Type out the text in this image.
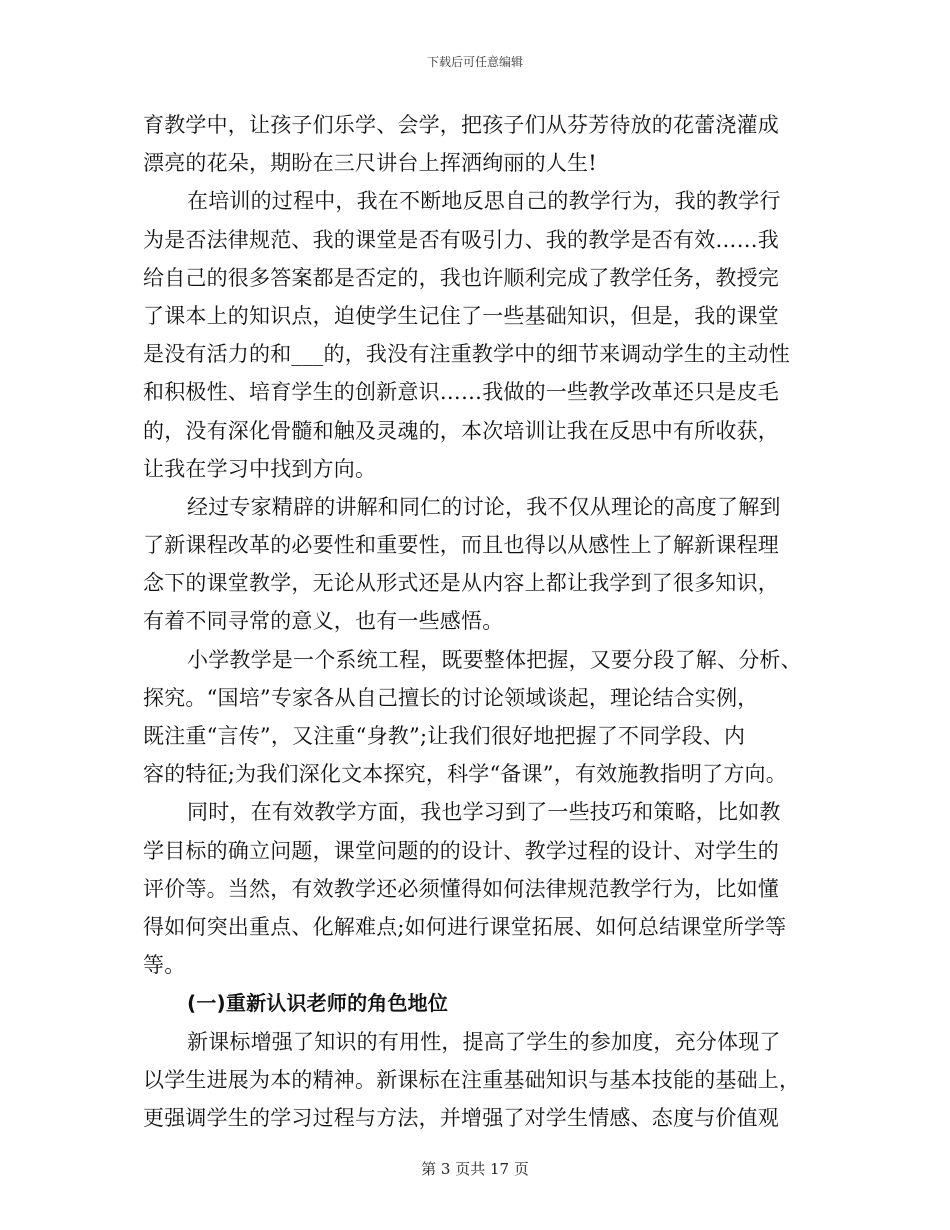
下载后可任意编辑
育教学中，让孩子们乐学、会学，把孩子们从芬芳待放的花蕾浇灌成
漂亮的花朵，期盼在三尺讲台上挥洒绚丽的人生!
在培训的过程中，我在不断地反思自己的教学行为，我的教学行
为是否法律规范、我的课堂是否有吸引力、我的教学是否有效……我
给自己的很多答案都是否定的，我也许顺利完成了教学任务，教授完
了课本上的知识点，迫使学生记住了一些基础知识，但是，我的课堂
是没有活力的和___的，我没有注重教学中的细节来调动学生的主动性
和积极性、培育学生的创新意识……我做的一些教学改革还只是皮毛
的，没有深化骨髓和触及灵魂的，本次培训让我在反思中有所收获，
让我在学习中找到方向。
经过专家精辟的讲解和同仁的讨论，我不仅从理论的高度了解到
了新课程改革的必要性和重要性，而且也得以从感性上了解新课程理
念下的课堂教学，无论从形式还是从内容上都让我学到了很多知识，
有着不同寻常的意义，也有一些感悟。
小学教学是一个系统工程，既要整体把握，又要分段了解、分析、
探究。“国培”专家各从自己擅长的讨论领域谈起，理论结合实例，
既注重“言传”，又注重“身教”;让我们很好地把握了不同学段、内
容的特征;为我们深化文本探究，科学“备课”，有效施教指明了方向。
同时，在有效教学方面，我也学习到了一些技巧和策略，比如教
学目标的确立问题，课堂问题的的设计、教学过程的设计、对学生的
评价等。当然，有效教学还必须懂得如何法律规范教学行为，比如懂
得如何突出重点、化解难点;如何进行课堂拓展、如何总结课堂所学等
等。
(一)重新认识老师的角色地位
新课标增强了知识的有用性，提高了学生的参加度，充分体现了
以学生进展为本的精神。新课标在注重基础知识与基本技能的基础上，
更强调学生的学习过程与方法，并增强了对学生情感、态度与价值观
第 3 页共 17 页
